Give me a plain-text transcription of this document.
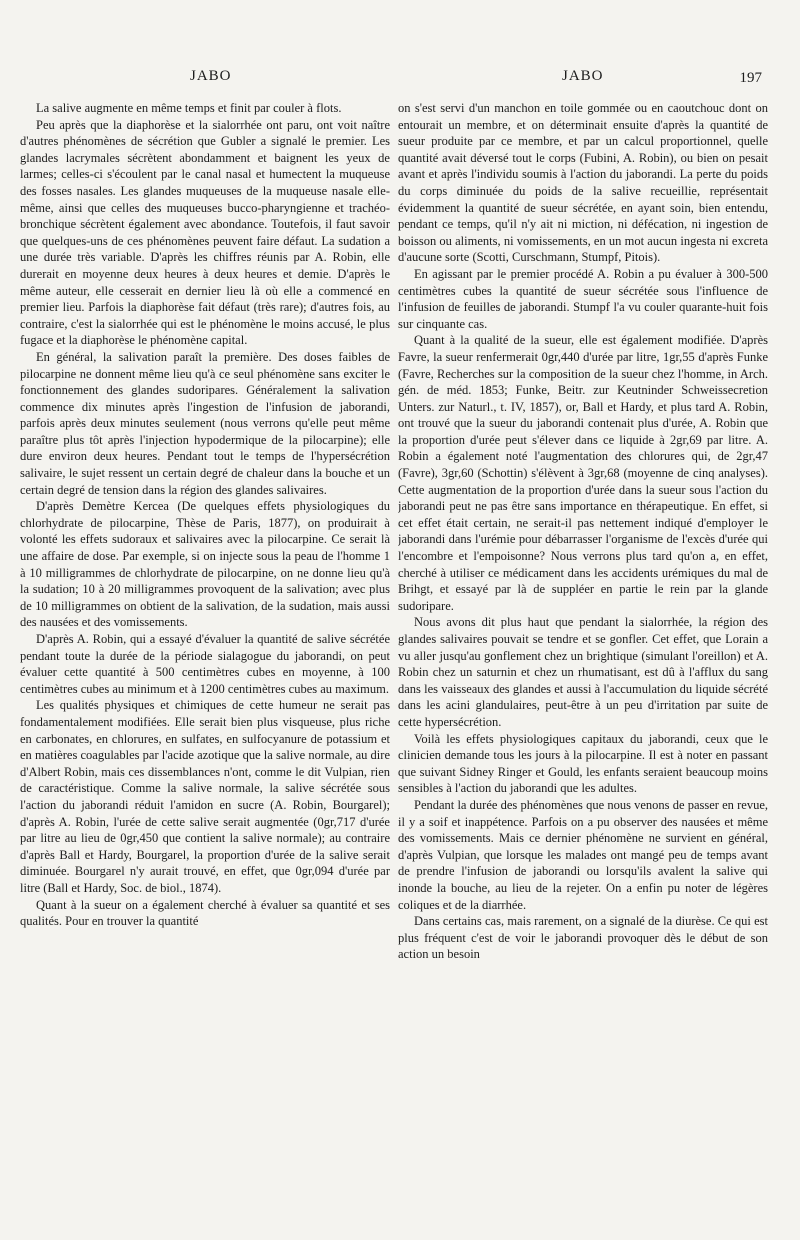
JABO	JABO	197

La salive augmente en même temps et finit par couler à flots.

Peu après que la diaphorèse et la sialorrhée ont paru, ont voit naître d'autres phénomènes de sécrétion que Gubler a signalé le premier. Les glandes lacrymales sécrètent abondamment et baignent les yeux de larmes; celles-ci s'écoulent par le canal nasal et humectent la muqueuse des fosses nasales. Les glandes muqueuses de la muqueuse nasale elle-même, ainsi que celles des muqueuses bucco-pharyngienne et trachéo-bronchique sécrètent également avec abondance. Toutefois, il faut savoir que quelques-uns de ces phénomènes peuvent faire défaut. La sudation a une durée très variable. D'après les chiffres réunis par A. Robin, elle durerait en moyenne deux heures à deux heures et demie. D'après le même auteur, elle cesserait en dernier lieu là où elle a commencé en premier lieu. Parfois la diaphorèse fait défaut (très rare); d'autres fois, au contraire, c'est la sialorrhée qui est le phénomène le moins accusé, le plus fugace et la diaphorèse le phénomène capital.

En général, la salivation paraît la première. Des doses faibles de pilocarpine ne donnent même lieu qu'à ce seul phénomène sans exciter le fonctionnement des glandes sudoripares. Généralement la salivation commence dix minutes après l'ingestion de l'infusion de jaborandi, parfois après deux minutes seulement (nous verrons qu'elle peut même paraître plus tôt après l'injection hypodermique de la pilocarpine); elle dure environ deux heures. Pendant tout le temps de l'hypersécrétion salivaire, le sujet ressent un certain degré de chaleur dans la bouche et un certain degré de tension dans la région des glandes salivaires.

D'après Demètre Kercea (De quelques effets physiologiques du chlorhydrate de pilocarpine, Thèse de Paris, 1877), on produirait à volonté les effets sudoraux et salivaires avec la pilocarpine. Ce serait là une affaire de dose. Par exemple, si on injecte sous la peau de l'homme 1 à 10 milligrammes de chlorhydrate de pilocarpine, on ne donne lieu qu'à la sudation; 10 à 20 milligrammes provoquent de la salivation; avec plus de 10 milligrammes on obtient de la salivation, de la sudation, mais aussi des nausées et des vomissements.

D'après A. Robin, qui a essayé d'évaluer la quantité de salive sécrétée pendant toute la durée de la période sialagogue du jaborandi, on peut évaluer cette quantité à 500 centimètres cubes en moyenne, à 100 centimètres cubes au minimum et à 1200 centimètres cubes au maximum.

Les qualités physiques et chimiques de cette humeur ne serait pas fondamentalement modifiées. Elle serait bien plus visqueuse, plus riche en carbonates, en chlorures, en sulfates, en sulfocyanure de potassium et en matières coagulables par l'acide azotique que la salive normale, au dire d'Albert Robin, mais ces dissemblances n'ont, comme le dit Vulpian, rien de caractéristique. Comme la salive normale, la salive sécrétée sous l'action du jaborandi réduit l'amidon en sucre (A. Robin, Bourgarel); d'après A. Robin, l'urée de cette salive serait augmentée (0gr,717 d'urée par litre au lieu de 0gr,450 que contient la salive normale); au contraire d'après Ball et Hardy, Bourgarel, la proportion d'urée de la salive serait diminuée. Bourgarel n'y aurait trouvé, en effet, que 0gr,094 d'urée par litre (Ball et Hardy, Soc. de biol., 1874).

Quant à la sueur on a également cherché à évaluer sa quantité et ses qualités. Pour en trouver la quantité

on s'est servi d'un manchon en toile gommée ou en caoutchouc dont on entourait un membre, et on déterminait ensuite d'après la quantité de sueur produite par ce membre, et par un calcul proportionnel, quelle quantité avait déversé tout le corps (Fubini, A. Robin), ou bien on pesait avant et après l'individu soumis à l'action du jaborandi. La perte du poids du corps diminuée du poids de la salive recueillie, représentait évidemment la quantité de sueur sécrétée, en ayant soin, bien entendu, pendant ce temps, qu'il n'y ait ni miction, ni défécation, ni ingestion de boisson ou aliments, ni vomissements, en un mot aucun ingesta ni excreta d'aucune sorte (Scotti, Curschmann, Stumpf, Pitois).

En agissant par le premier procédé A. Robin a pu évaluer à 300-500 centimètres cubes la quantité de sueur sécrétée sous l'influence de l'infusion de feuilles de jaborandi. Stumpf l'a vu couler quarante-huit fois sur cinquante cas.

Quant à la qualité de la sueur, elle est également modifiée. D'après Favre, la sueur renfermerait 0gr,440 d'urée par litre, 1gr,55 d'après Funke (Favre, Recherches sur la composition de la sueur chez l'homme, in Arch. gén. de méd. 1853; Funke, Beitr. zur Keutninder Schweissecretion Unters. zur Naturl., t. IV, 1857), or, Ball et Hardy, et plus tard A. Robin, ont trouvé que la sueur du jaborandi contenait plus d'urée, A. Robin que la proportion d'urée peut s'élever dans ce liquide à 2gr,69 par litre. A. Robin a également noté l'augmentation des chlorures qui, de 2gr,47 (Favre), 3gr,60 (Schottin) s'élèvent à 3gr,68 (moyenne de cinq analyses). Cette augmentation de la proportion d'urée dans la sueur sous l'action du jaborandi peut ne pas être sans importance en thérapeutique. En effet, si cet effet était certain, ne serait-il pas nettement indiqué d'employer le jaborandi dans l'urémie pour débarrasser l'organisme de l'excès d'urée qui l'encombre et l'empoisonne? Nous verrons plus tard qu'on a, en effet, cherché à utiliser ce médicament dans les accidents urémiques du mal de Brihgt, et essayé par là de suppléer en partie le rein par la glande sudoripare.

Nous avons dit plus haut que pendant la sialorrhée, la région des glandes salivaires pouvait se tendre et se gonfler. Cet effet, que Lorain a vu aller jusqu'au gonflement chez un brightique (simulant l'oreillon) et A. Robin chez un saturnin et chez un rhumatisant, est dû à l'afflux du sang dans les vaisseaux des glandes et aussi à l'accumulation du liquide sécrété dans les acini glandulaires, peut-être à un peu d'irritation par suite de cette hypersécrétion.

Voilà les effets physiologiques capitaux du jaborandi, ceux que le clinicien demande tous les jours à la pilocarpine. Il est à noter en passant que suivant Sidney Ringer et Gould, les enfants seraient beaucoup moins sensibles à l'action du jaborandi que les adultes.

Pendant la durée des phénomènes que nous venons de passer en revue, il y a soif et inappétence. Parfois on a pu observer des nausées et même des vomissements. Mais ce dernier phénomène ne survient en général, d'après Vulpian, que lorsque les malades ont mangé peu de temps avant de prendre l'infusion de jaborandi ou lorsqu'ils avalent la salive qui inonde la bouche, au lieu de la rejeter. On a enfin pu noter de légères coliques et de la diarrhée.

Dans certains cas, mais rarement, on a signalé de la diurèse. Ce qui est plus fréquent c'est de voir le jaborandi provoquer dès le début de son action un besoin
